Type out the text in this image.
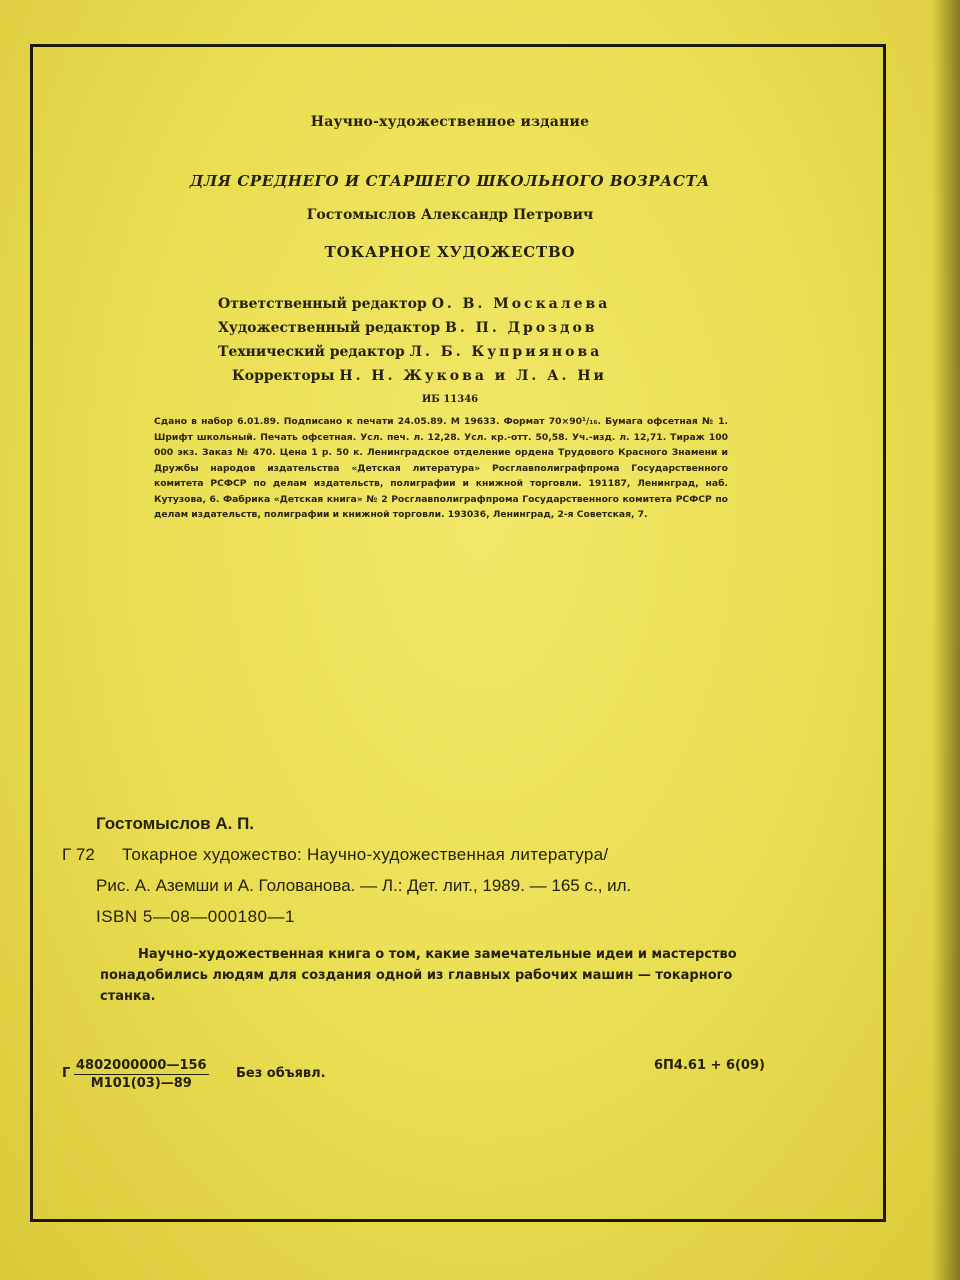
Научно-художественное издание
ДЛЯ СРЕДНЕГО И СТАРШЕГО ШКОЛЬНОГО ВОЗРАСТА
Гостомыслов Александр Петрович
ТОКАРНОЕ ХУДОЖЕСТВО
Ответственный редактор О. В. Москалева
Художественный редактор В. П. Дроздов
Технический редактор Л. Б. Куприянова
Корректоры Н. Н. Жукова и Л. А. Ни
ИБ 11346
Сдано в набор 6.01.89. Подписано к печати 24.05.89. М 19633. Формат 70×90¹/₁₆. Бумага офсетная № 1. Шрифт школьный. Печать офсетная. Усл. печ. л. 12,28. Усл. кр.-отт. 50,58. Уч.-изд. л. 12,71. Тираж 100 000 экз. Заказ № 470. Цена 1 р. 50 к. Ленинградское отделение ордена Трудового Красного Знамени и Дружбы народов издательства «Детская литература» Росглавполиграфпрома Государственного комитета РСФСР по делам издательств, полиграфии и книжной торговли. 191187, Ленинград, наб. Кутузова, 6. Фабрика «Детская книга» № 2 Росглавполиграфпрома Государственного комитета РСФСР по делам издательств, полиграфии и книжной торговли. 193036, Ленинград, 2-я Советская, 7.
Гостомыслов А. П.
Г 72 Токарное художество: Научно-художественная литература/
Рис. А. Аземши и А. Голованова. — Л.: Дет. лит., 1989. — 165 с., ил.
ISBN 5—08—000180—1
Научно-художественная книга о том, какие замечательные идеи и мастерство понадобились людям для создания одной из главных рабочих машин — токарного станка.
Г
4802000000—156
М101(03)—89
Без объявл.
6П4.61 + 6(09)
